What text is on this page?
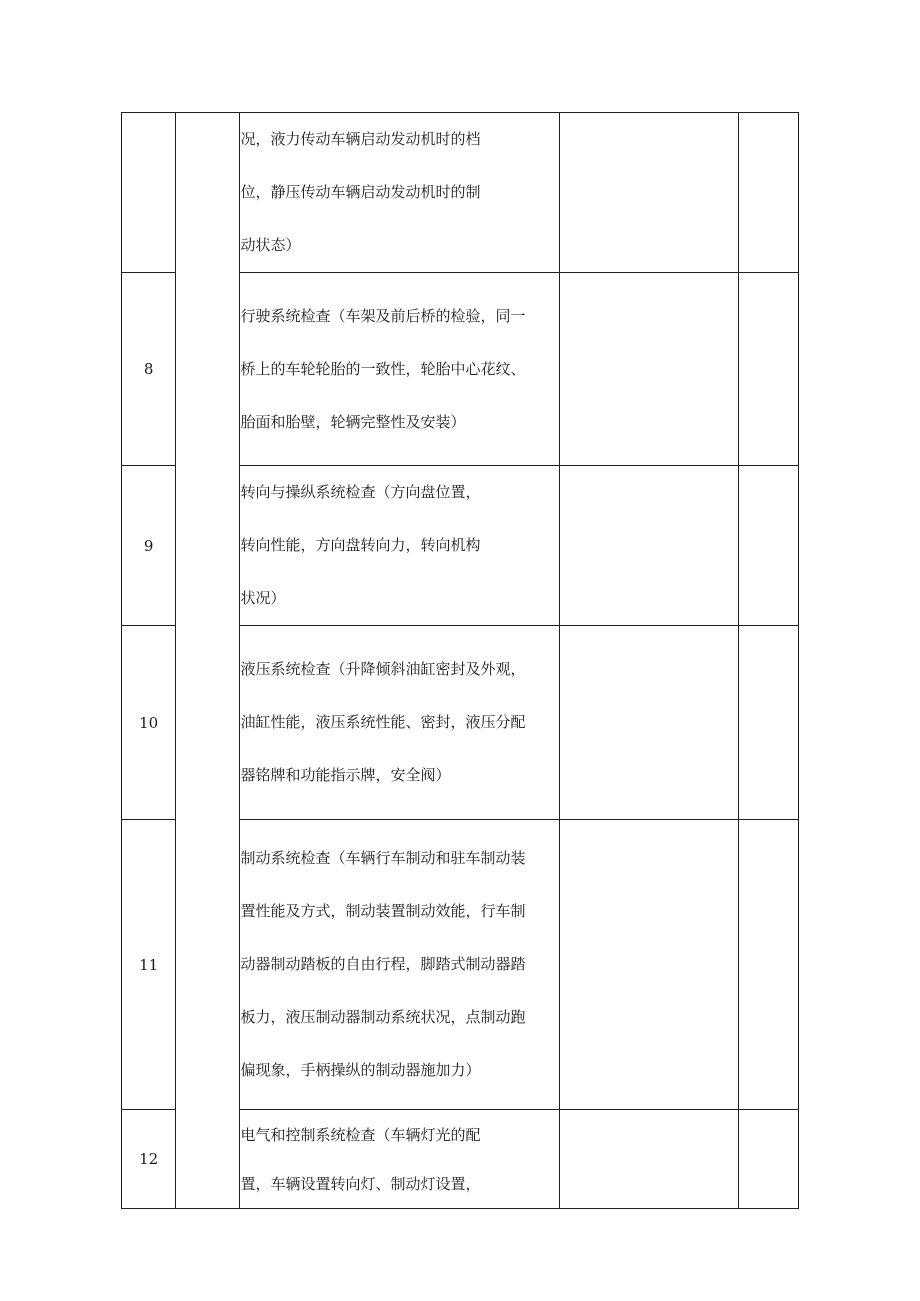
		况，液力传动车辆启动发动机时的档
位，静压传动车辆启动发动机时的制
动状态）		

8		行驶系统检查（车架及前后桥的检验，同一
桥上的车轮轮胎的一致性，轮胎中心花纹、
胎面和胎壁，轮辆完整性及安装）		

9		转向与操纵系统检查（方向盘位置，
转向性能，方向盘转向力，转向机构
状况）		

10		液压系统检查（升降倾斜油缸密封及外观，
油缸性能，液压系统性能、密封，液压分配
器铭牌和功能指示牌，安全阀）		

11		制动系统检查（车辆行车制动和驻车制动装
置性能及方式，制动装置制动效能，行车制
动器制动踏板的自由行程，脚踏式制动器踏
板力，液压制动器制动系统状况，点制动跑
偏现象，手柄操纵的制动器施加力）		

12		电气和控制系统检查（车辆灯光的配
置，车辆设置转向灯、制动灯设置，		
